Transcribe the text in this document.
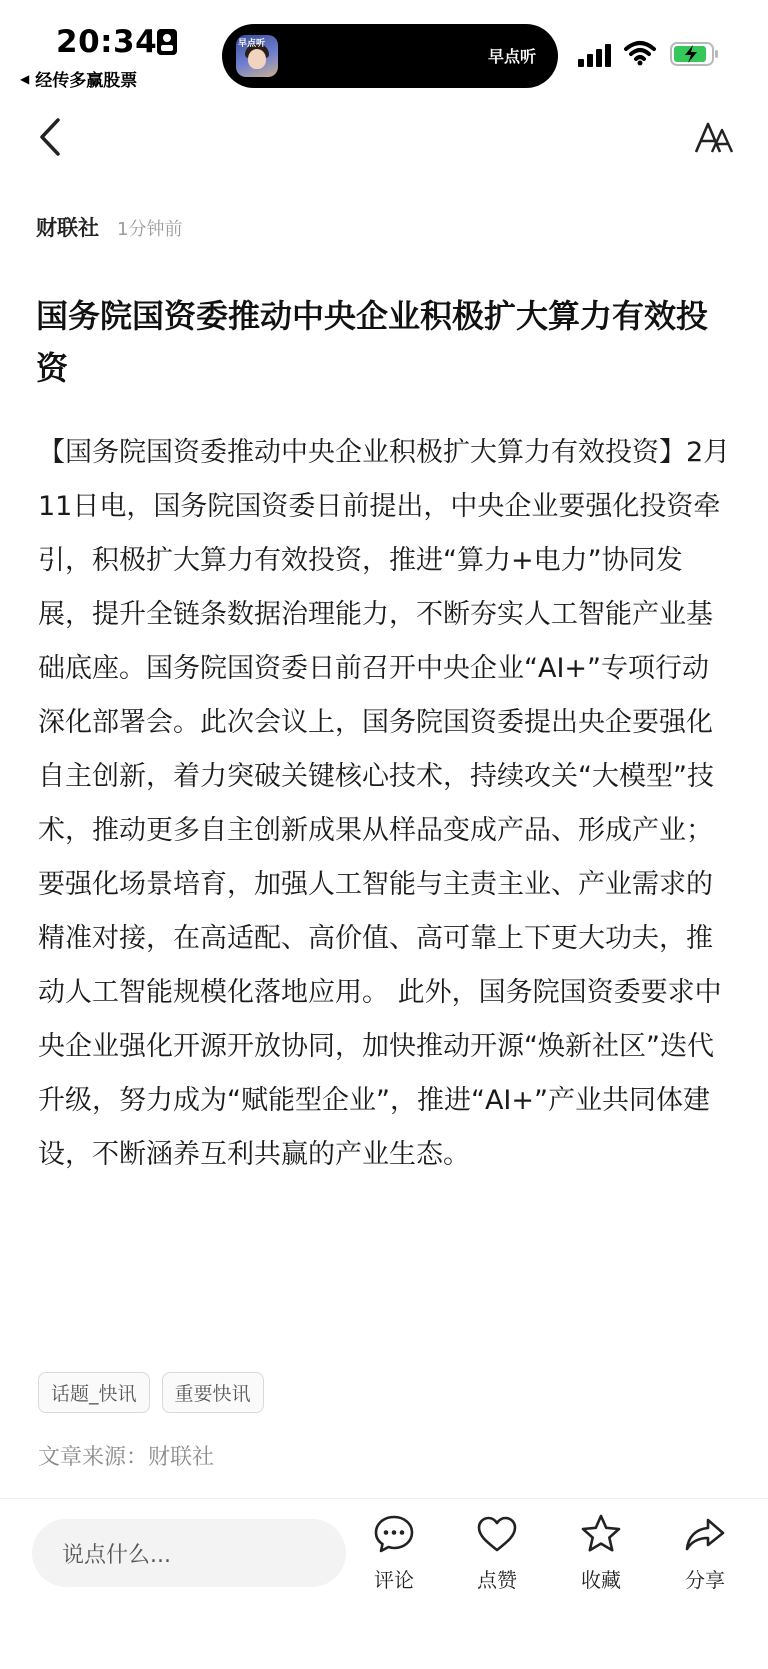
20:34
◀ 经传多赢股票
早点听
早点听
财联社 1分钟前
国务院国资委推动中央企业积极扩大算力有效投资
【国务院国资委推动中央企业积极扩大算力有效投资】2月11日电，国务院国资委日前提出，中央企业要强化投资牵引，积极扩大算力有效投资，推进“算力+电力”协同发展，提升全链条数据治理能力，不断夯实人工智能产业基础底座。国务院国资委日前召开中央企业“AI+”专项行动深化部署会。此次会议上，国务院国资委提出央企要强化自主创新，着力突破关键核心技术，持续攻关“大模型”技术，推动更多自主创新成果从样品变成产品、形成产业；要强化场景培育，加强人工智能与主责主业、产业需求的精准对接，在高适配、高价值、高可靠上下更大功夫，推动人工智能规模化落地应用。 此外，国务院国资委要求中央企业强化开源开放协同，加快推动开源“焕新社区”迭代升级，努力成为“赋能型企业”，推进“AI+”产业共同体建设，不断涵养互利共赢的产业生态。
话题_快讯	重要快讯
文章来源：财联社
说点什么...
评论	点赞	收藏	分享
